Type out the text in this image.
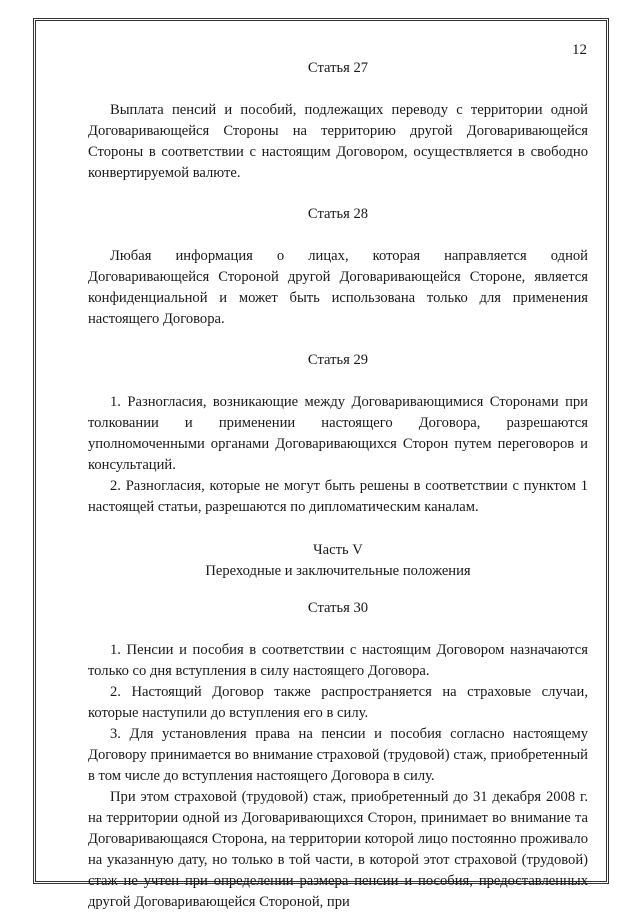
12
Статья 27

Выплата пенсий и пособий, подлежащих переводу с территории одной Договаривающейся Стороны на территорию другой Договаривающейся Стороны в соответствии с настоящим Договором, осуществляется в свободно конвертируемой валюте.

Статья 28

Любая информация о лицах, которая направляется одной Договаривающейся Стороной другой Договаривающейся Стороне, является конфиденциальной и может быть использована только для применения настоящего Договора.

Статья 29

1. Разногласия, возникающие между Договаривающимися Сторонами при толковании и применении настоящего Договора, разрешаются уполномоченными органами Договаривающихся Сторон путем переговоров и консультаций.

2. Разногласия, которые не могут быть решены в соответствии с пунктом 1 настоящей статьи, разрешаются по дипломатическим каналам.

Часть V
Переходные и заключительные положения
Статья 30

1. Пенсии и пособия в соответствии с настоящим Договором назначаются только со дня вступления в силу настоящего Договора.

2. Настоящий Договор также распространяется на страховые случаи, которые наступили до вступления его в силу.

3. Для установления права на пенсии и пособия согласно настоящему Договору принимается во внимание страховой (трудовой) стаж, приобретенный в том числе до вступления настоящего Договора в силу.

При этом страховой (трудовой) стаж, приобретенный до 31 декабря 2008 г. на территории одной из Договаривающихся Сторон, принимает во внимание та Договаривающаяся Сторона, на территории которой лицо постоянно проживало на указанную дату, но только в той части, в которой этот страховой (трудовой) стаж не учтен при определении размера пенсии и пособия, предоставленных другой Договаривающейся Стороной, при
